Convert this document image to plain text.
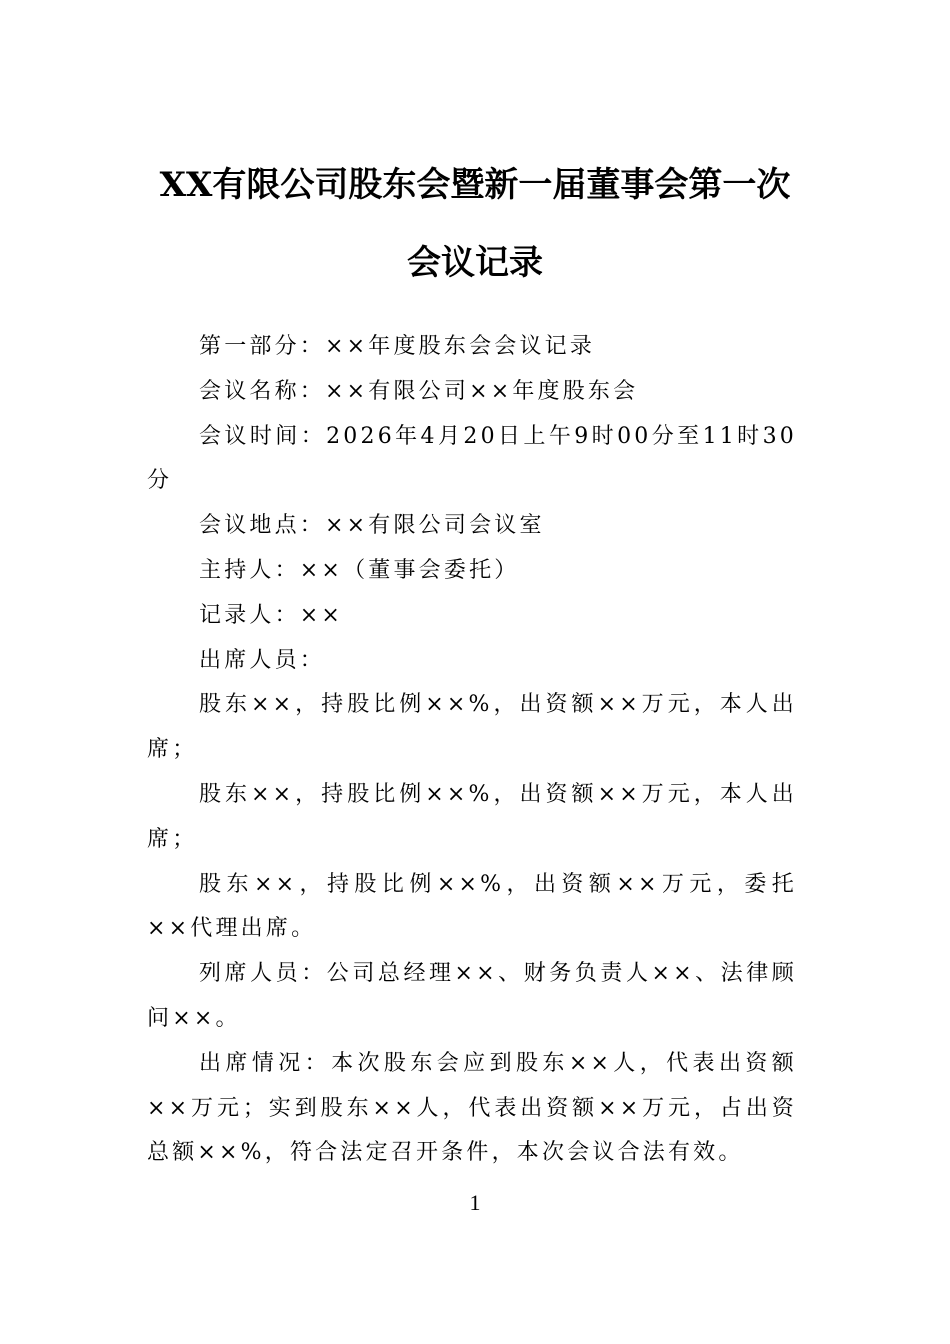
XX有限公司股东会暨新一届董事会第一次
会议记录

第一部分：××年度股东会会议记录

会议名称：××有限公司××年度股东会

会议时间：2026年4月20日上午9时00分至11时30分

会议地点：××有限公司会议室

主持人：××（董事会委托）

记录人：××

出席人员：

股东××，持股比例××%，出资额××万元，本人出席；

股东××，持股比例××%，出资额××万元，本人出席；

股东××，持股比例××%，出资额××万元，委托××代理出席。

列席人员：公司总经理××、财务负责人××、法律顾问××。

出席情况：本次股东会应到股东××人，代表出资额××万元；实到股东××人，代表出资额××万元，占出资总额××%，符合法定召开条件，本次会议合法有效。

1
